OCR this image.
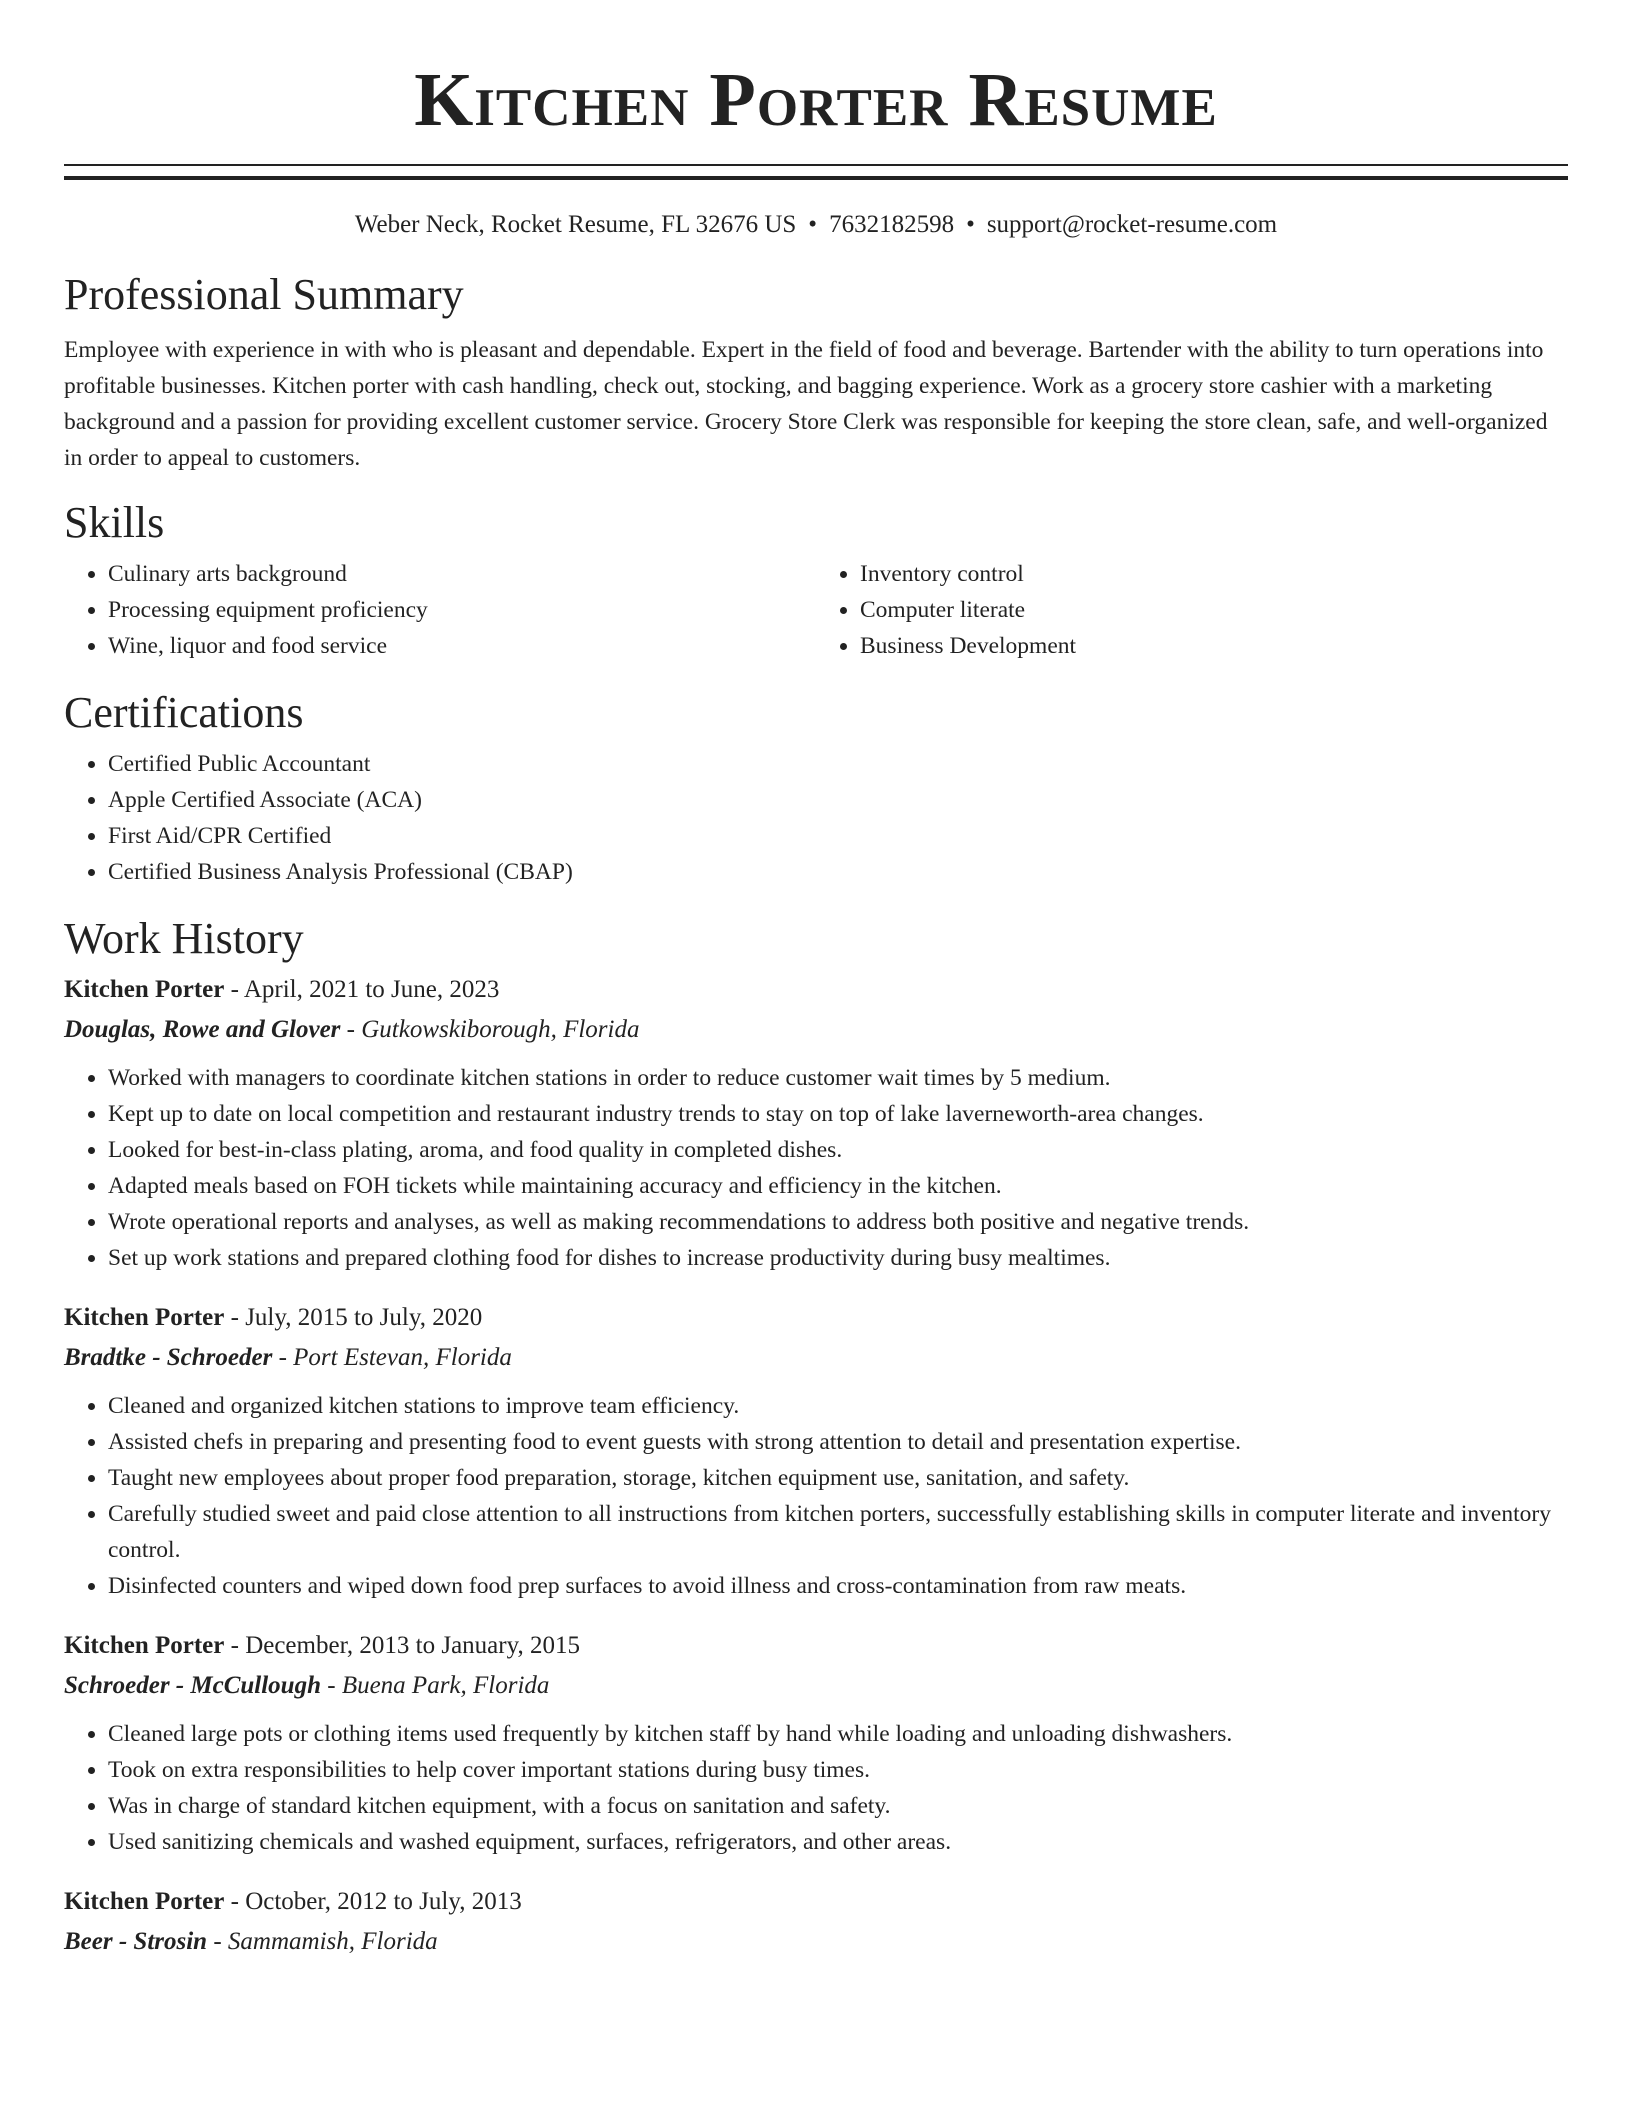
Kitchen Porter Resume
Weber Neck, Rocket Resume, FL 32676 US • 7632182598 • support@rocket-resume.com
Professional Summary

Employee with experience in with who is pleasant and dependable. Expert in the field of food and beverage. Bartender with the ability to turn operations into profitable businesses. Kitchen porter with cash handling, check out, stocking, and bagging experience. Work as a grocery store cashier with a marketing background and a passion for providing excellent customer service. Grocery Store Clerk was responsible for keeping the store clean, safe, and well-organized in order to appeal to customers.

Skills
• Culinary arts background
• Processing equipment proficiency
• Wine, liquor and food service
• Inventory control
• Computer literate
• Business Development
Certifications
• Certified Public Accountant
• Apple Certified Associate (ACA)
• First Aid/CPR Certified
• Certified Business Analysis Professional (CBAP)
Work History
Kitchen Porter - April, 2021 to June, 2023
Douglas, Rowe and Glover - Gutkowskiborough, Florida
• Worked with managers to coordinate kitchen stations in order to reduce customer wait times by 5 medium.
• Kept up to date on local competition and restaurant industry trends to stay on top of lake laverneworth-area changes.
• Looked for best-in-class plating, aroma, and food quality in completed dishes.
• Adapted meals based on FOH tickets while maintaining accuracy and efficiency in the kitchen.
• Wrote operational reports and analyses, as well as making recommendations to address both positive and negative trends.
• Set up work stations and prepared clothing food for dishes to increase productivity during busy mealtimes.
Kitchen Porter - July, 2015 to July, 2020
Bradtke - Schroeder - Port Estevan, Florida
• Cleaned and organized kitchen stations to improve team efficiency.
• Assisted chefs in preparing and presenting food to event guests with strong attention to detail and presentation expertise.
• Taught new employees about proper food preparation, storage, kitchen equipment use, sanitation, and safety.
• Carefully studied sweet and paid close attention to all instructions from kitchen porters, successfully establishing skills in computer literate and inventory control.
• Disinfected counters and wiped down food prep surfaces to avoid illness and cross-contamination from raw meats.
Kitchen Porter - December, 2013 to January, 2015
Schroeder - McCullough - Buena Park, Florida
• Cleaned large pots or clothing items used frequently by kitchen staff by hand while loading and unloading dishwashers.
• Took on extra responsibilities to help cover important stations during busy times.
• Was in charge of standard kitchen equipment, with a focus on sanitation and safety.
• Used sanitizing chemicals and washed equipment, surfaces, refrigerators, and other areas.
Kitchen Porter - October, 2012 to July, 2013
Beer - Strosin - Sammamish, Florida
